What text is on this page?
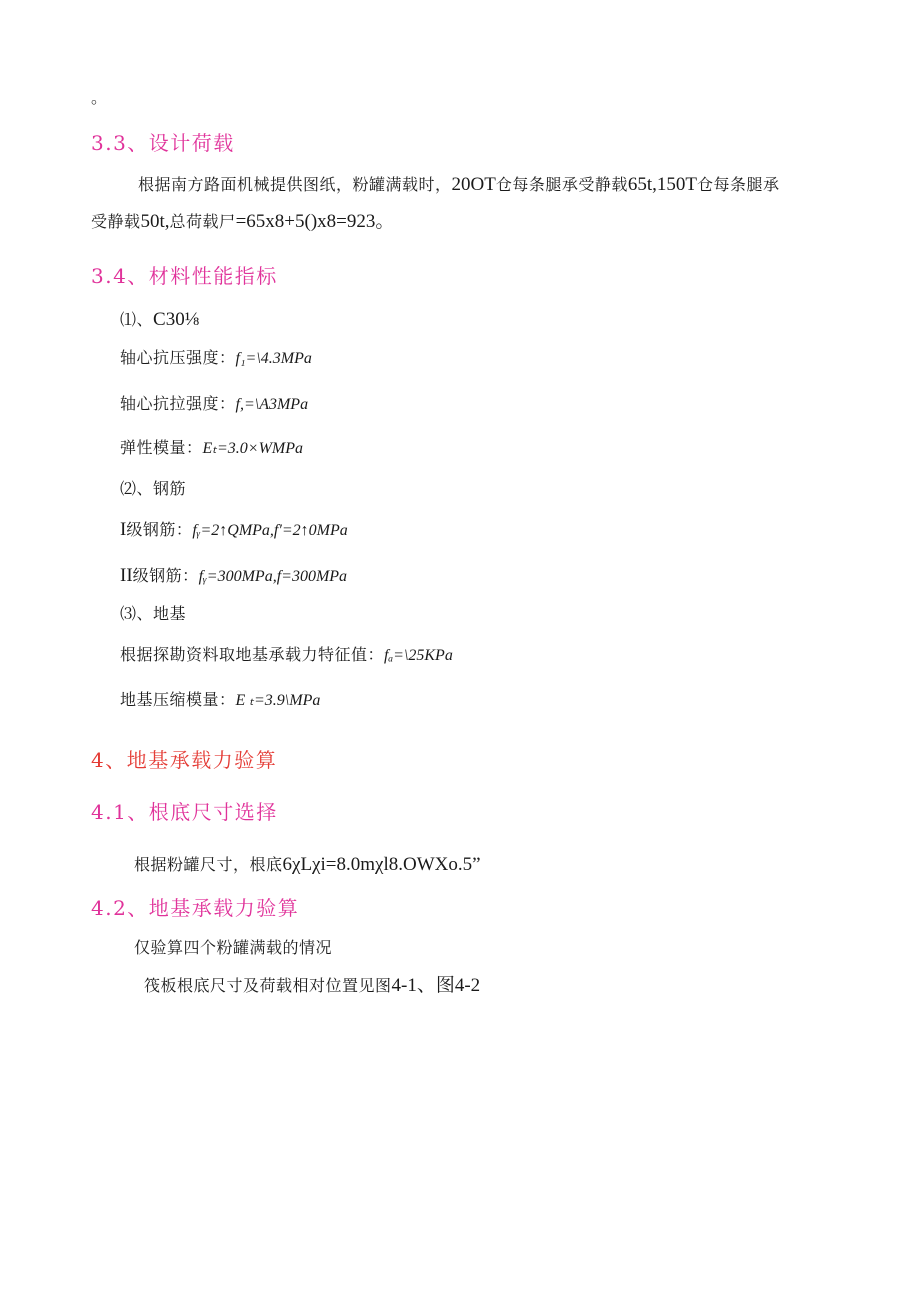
。
3.3、设计荷载
根据南方路面机械提供图纸，粉罐满载时，20OT仓每条腿承受静载65t,150T仓每条腿承
受静载50t,总荷载尸=65x8+5()x8=923。
3.4、材料性能指标
⑴、C30⅛
轴心抗压强度：f₁=\4.3MPa
轴心抗拉强度：f,=\A3MPa
弹性模量：Eₜ=3.0×WMPa
⑵、钢筋
I级钢筋：fᵧ=2↑QMPa,f′=2↑0MPa
II级钢筋：fᵧ=300MPa,f=300MPa
⑶、地基
根据探勘资料取地基承载力特征值：fₐ=\25KPa
地基压缩模量：E ₜ=3.9\MPa
4、地基承载力验算
4.1、根底尺寸选择
根据粉罐尺寸，根底6χLχi=8.0mχl8.OWXo.5”
4.2、地基承载力验算
仅验算四个粉罐满载的情况
筏板根底尺寸及荷载相对位置见图4-1、图4-2
